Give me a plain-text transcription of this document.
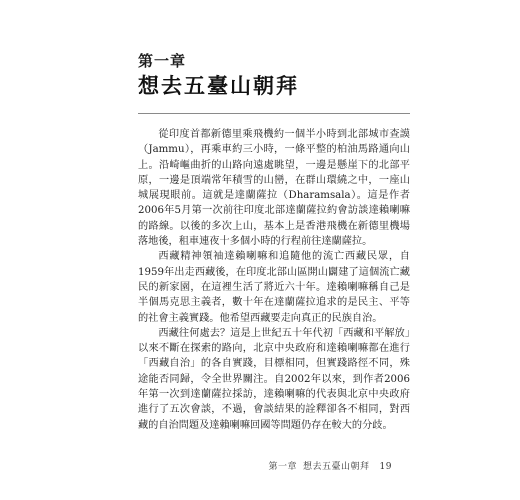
第一章
想去五臺山朝拜

從印度首都新德里乘飛機約一個半小時到北部城市查謨（Jammu），再乘車約三小時，一條平整的柏油馬路通向山上。沿崎嶇曲折的山路向遠處眺望，一邊是懸崖下的北部平原，一邊是頂端常年積雪的山巒，在群山環繞之中，一座山城展現眼前。這就是達蘭薩拉（Dharamsala）。這是作者2006年5月第一次前往印度北部達蘭薩拉約會訪談達賴喇嘛的路線。以後的多次上山，基本上是香港飛機在新德里機場落地後，租車連夜十多個小時的行程前往達蘭薩拉。

西藏精神領袖達賴喇嘛和追隨他的流亡西藏民眾，自1959年出走西藏後，在印度北部山區開山闢建了這個流亡藏民的新家園，在這裡生活了將近六十年。達賴喇嘛稱自己是半個馬克思主義者，數十年在達蘭薩拉追求的是民主、平等的社會主義實踐。他希望西藏要走向真正的民族自治。

西藏往何處去？這是上世紀五十年代初「西藏和平解放」以來不斷在探索的路向，北京中央政府和達賴喇嘛都在進行「西藏自治」的各自實踐，目標相同，但實踐路徑不同，殊途能否同歸，令全世界關注。自2002年以來，到作者2006年第一次到達蘭薩拉採訪，達賴喇嘛的代表與北京中央政府進行了五次會談，不過，會談結果的詮釋卻各不相同，對西藏的自治問題及達賴喇嘛回國等問題仍存在較大的分歧。

第一章 想去五臺山朝拜 19
